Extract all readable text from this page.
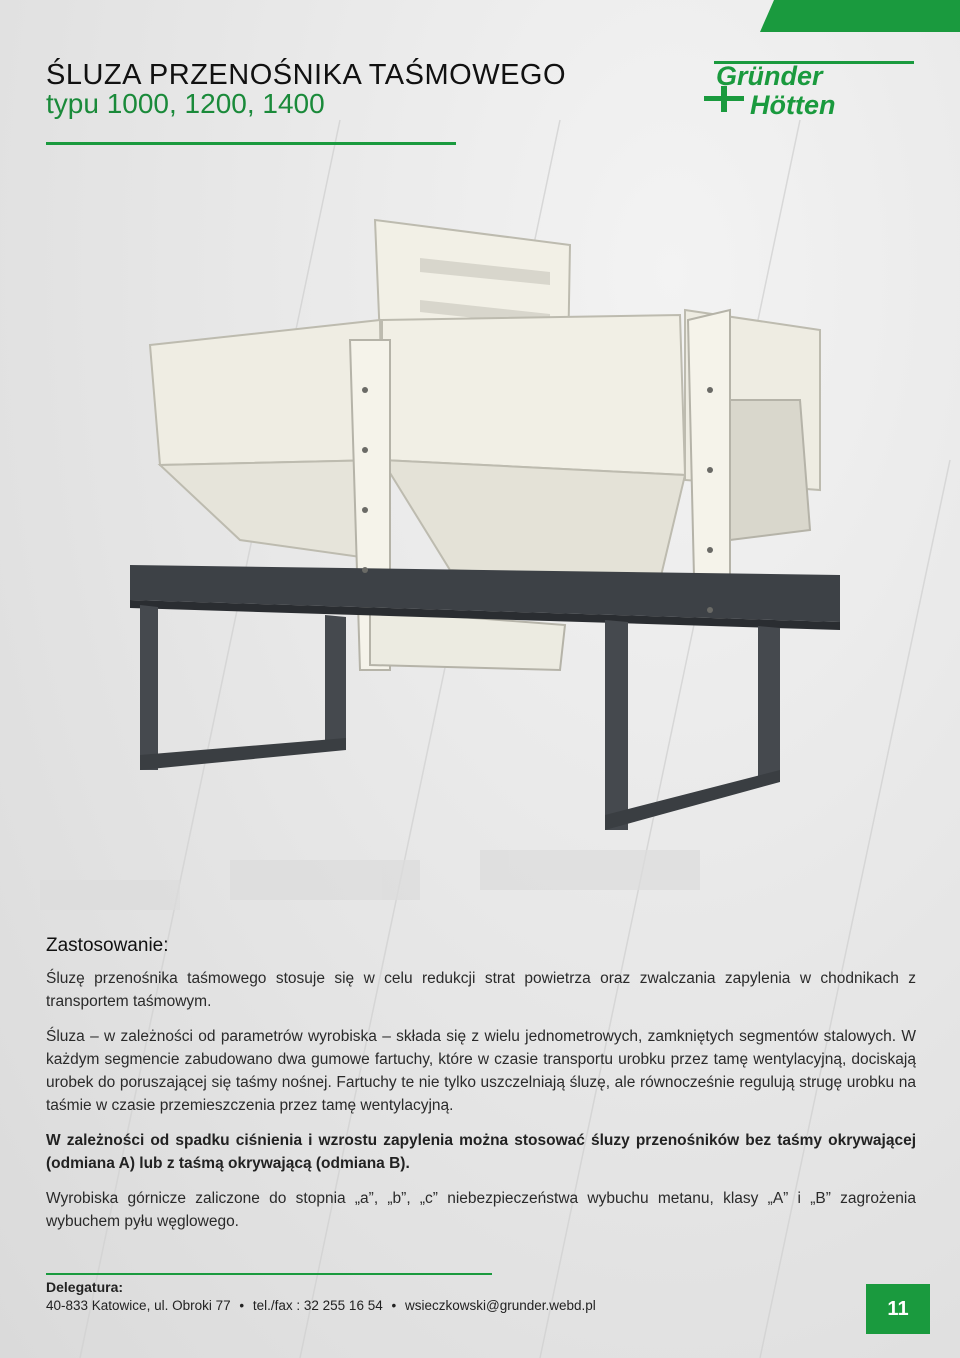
ŚLUZA PRZENOŚNIKA TAŚMOWEGO
typu 1000, 1200, 1400
Gründer
Hötten
Zastosowanie:

Śluzę przenośnika taśmowego stosuje się w celu redukcji strat powietrza oraz zwalczania zapylenia w chodnikach z transportem taśmowym.

Śluza – w zależności od parametrów wyrobiska – składa się z wielu jednometrowych, zamkniętych segmentów stalowych. W każdym segmencie zabudowano dwa gumowe fartuchy, które w czasie transportu urobku przez tamę wentylacyjną, dociskają urobek do poruszającej się taśmy nośnej. Fartuchy te nie tylko uszczelniają śluzę, ale równocześnie regulują strugę urobku na taśmie w czasie przemieszczenia przez tamę wentylacyjną.

W zależności od spadku ciśnienia i wzrostu zapylenia można stosować śluzy przenośników bez taśmy okrywającej (odmiana A) lub z taśmą okrywającą (odmiana B).

Wyrobiska górnicze zaliczone do stopnia „a”, „b”, „c” niebezpieczeństwa wybuchu metanu, klasy „A” i „B” zagrożenia wybuchem pyłu węglowego.

Delegatura:
40-833 Katowice, ul. Obroki 77 • tel./fax : 32 255 16 54 • wsieczkowski@grunder.webd.pl	11
